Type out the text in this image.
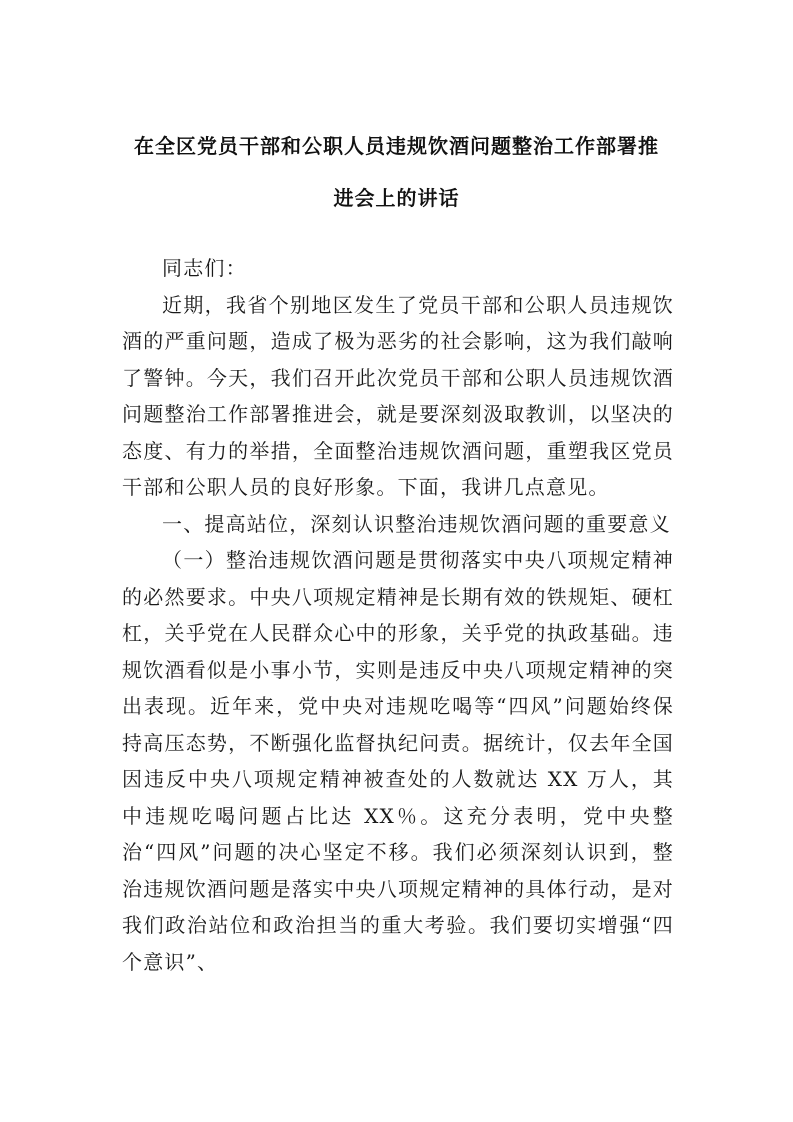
在全区党员干部和公职人员违规饮酒问题整治工作部署推
进会上的讲话

同志们：

近期，我省个别地区发生了党员干部和公职人员违规饮酒的严重问题，造成了极为恶劣的社会影响，这为我们敲响了警钟。今天，我们召开此次党员干部和公职人员违规饮酒问题整治工作部署推进会，就是要深刻汲取教训，以坚决的态度、有力的举措，全面整治违规饮酒问题，重塑我区党员干部和公职人员的良好形象。下面，我讲几点意见。

一、提高站位，深刻认识整治违规饮酒问题的重要意义

（一）整治违规饮酒问题是贯彻落实中央八项规定精神的必然要求。中央八项规定精神是长期有效的铁规矩、硬杠杠，关乎党在人民群众心中的形象，关乎党的执政基础。违规饮酒看似是小事小节，实则是违反中央八项规定精神的突出表现。近年来，党中央对违规吃喝等“四风”问题始终保持高压态势，不断强化监督执纪问责。据统计，仅去年全国因违反中央八项规定精神被查处的人数就达 XX 万人，其中违规吃喝问题占比达 XX％。这充分表明，党中央整治“四风”问题的决心坚定不移。我们必须深刻认识到，整治违规饮酒问题是落实中央八项规定精神的具体行动，是对我们政治站位和政治担当的重大考验。我们要切实增强“四个意识”、
